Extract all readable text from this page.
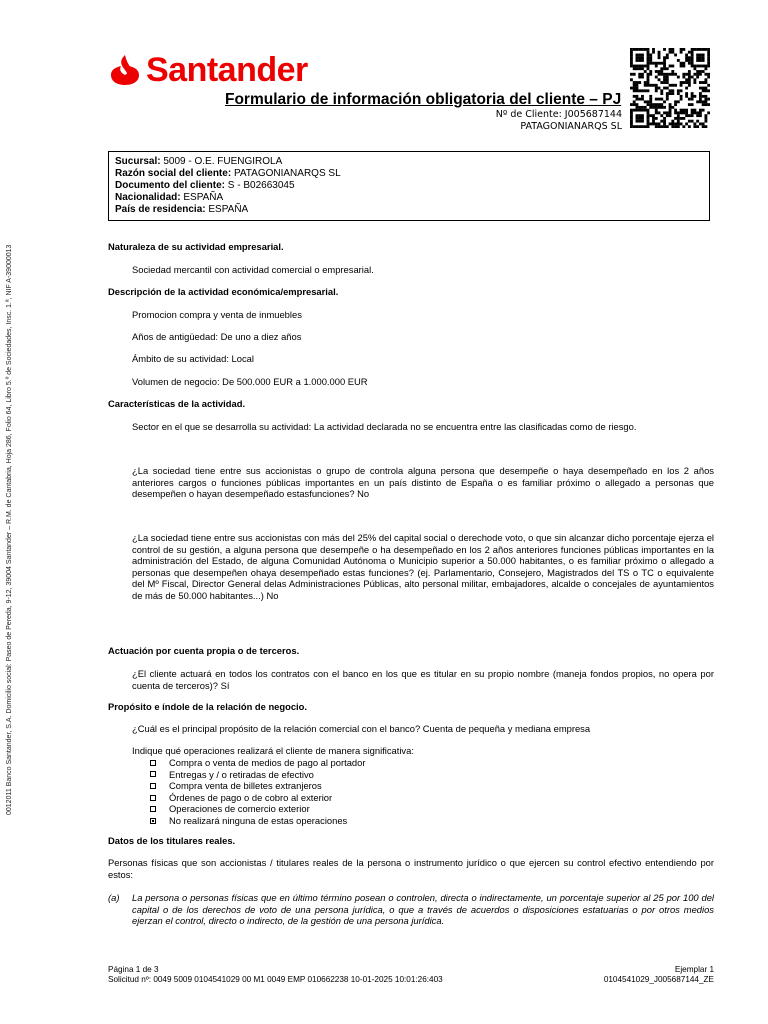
0012011 Banco Santander, S.A. Domicilio social: Paseo de Pereda, 9-12, 39004 Santander – R.M. de Cantabria, Hoja 286, Folio 64, Libro 5.º de Sociedades, Insc. 1.ª, NIF A-39000013
Santander
Formulario de información obligatoria del cliente – PJ
Nº de Cliente: J005687144
PATAGONIANARQS SL
Sucursal: 5009 - O.E. FUENGIROLA
Razón social del cliente: PATAGONIANARQS SL
Documento del cliente: S - B02663045
Nacionalidad: ESPAÑA
País de residencia: ESPAÑA
Naturaleza de su actividad empresarial.
Sociedad mercantil con actividad comercial o empresarial.
Descripción de la actividad económica/empresarial.
Promocion compra y venta de inmuebles
Años de antigüedad: De uno a diez años
Ámbito de su actividad: Local
Volumen de negocio: De 500.000 EUR a 1.000.000 EUR
Características de la actividad.
Sector en el que se desarrolla su actividad: La actividad declarada no se encuentra entre las clasificadas como de riesgo.
¿La sociedad tiene entre sus accionistas o grupo de controla alguna persona que desempeñe o haya desempeñado en los 2 años anteriores cargos o funciones públicas importantes en un país distinto de España o es familiar próximo o allegado a personas que desempeñen o hayan desempeñado estasfunciones? No
¿La sociedad tiene entre sus accionistas con más del 25% del capital social o derechode voto, o que sin alcanzar dicho porcentaje ejerza el control de su gestión, a alguna persona que desempeñe o ha desempeñado en los 2 años anteriores funciones públicas importantes en la administración del Estado, de alguna Comunidad Autónoma o Municipio superior a 50.000 habitantes, o es familiar próximo o allegado a personas que desempeñen ohaya desempeñado estas funciones? (ej. Parlamentario, Consejero, Magistrados del TS o TC o equivalente del Mº Fiscal, Director General delas Administraciones Públicas, alto personal militar, embajadores, alcalde o concejales de ayuntamientos de más de 50.000 habitantes...) No
Actuación por cuenta propia o de terceros.
¿El cliente actuará en todos los contratos con el banco en los que es titular en su propio nombre (maneja fondos propios, no opera por cuenta de terceros)? Sí
Propósito e índole de la relación de negocio.
¿Cuál es el principal propósito de la relación comercial con el banco? Cuenta de pequeña y mediana empresa
Indique qué operaciones realizará el cliente de manera significativa:
Compra o venta de medios de pago al portador
Entregas y / o retiradas de efectivo
Compra venta de billetes extranjeros
Órdenes de pago o de cobro al exterior
Operaciones de comercio exterior
No realizará ninguna de estas operaciones
Datos de los titulares reales.
Personas físicas que son accionistas / titulares reales de la persona o instrumento jurídico o que ejercen su control efectivo entendiendo por estos:
(a)	La persona o personas físicas que en último término posean o controlen, directa o indirectamente, un porcentaje superior al 25 por 100 del capital o de los derechos de voto de una persona jurídica, o que a través de acuerdos o disposiciones estatuarias o por otros medios ejerzan el control, directo o indirecto, de la gestión de una persona jurídica.
Página 1 de 3
Solicitud nº: 0049 5009 0104541029 00 M1 0049 EMP 010662238 10-01-2025 10:01:26:403
Ejemplar 1
0104541029_J005687144_ZE
